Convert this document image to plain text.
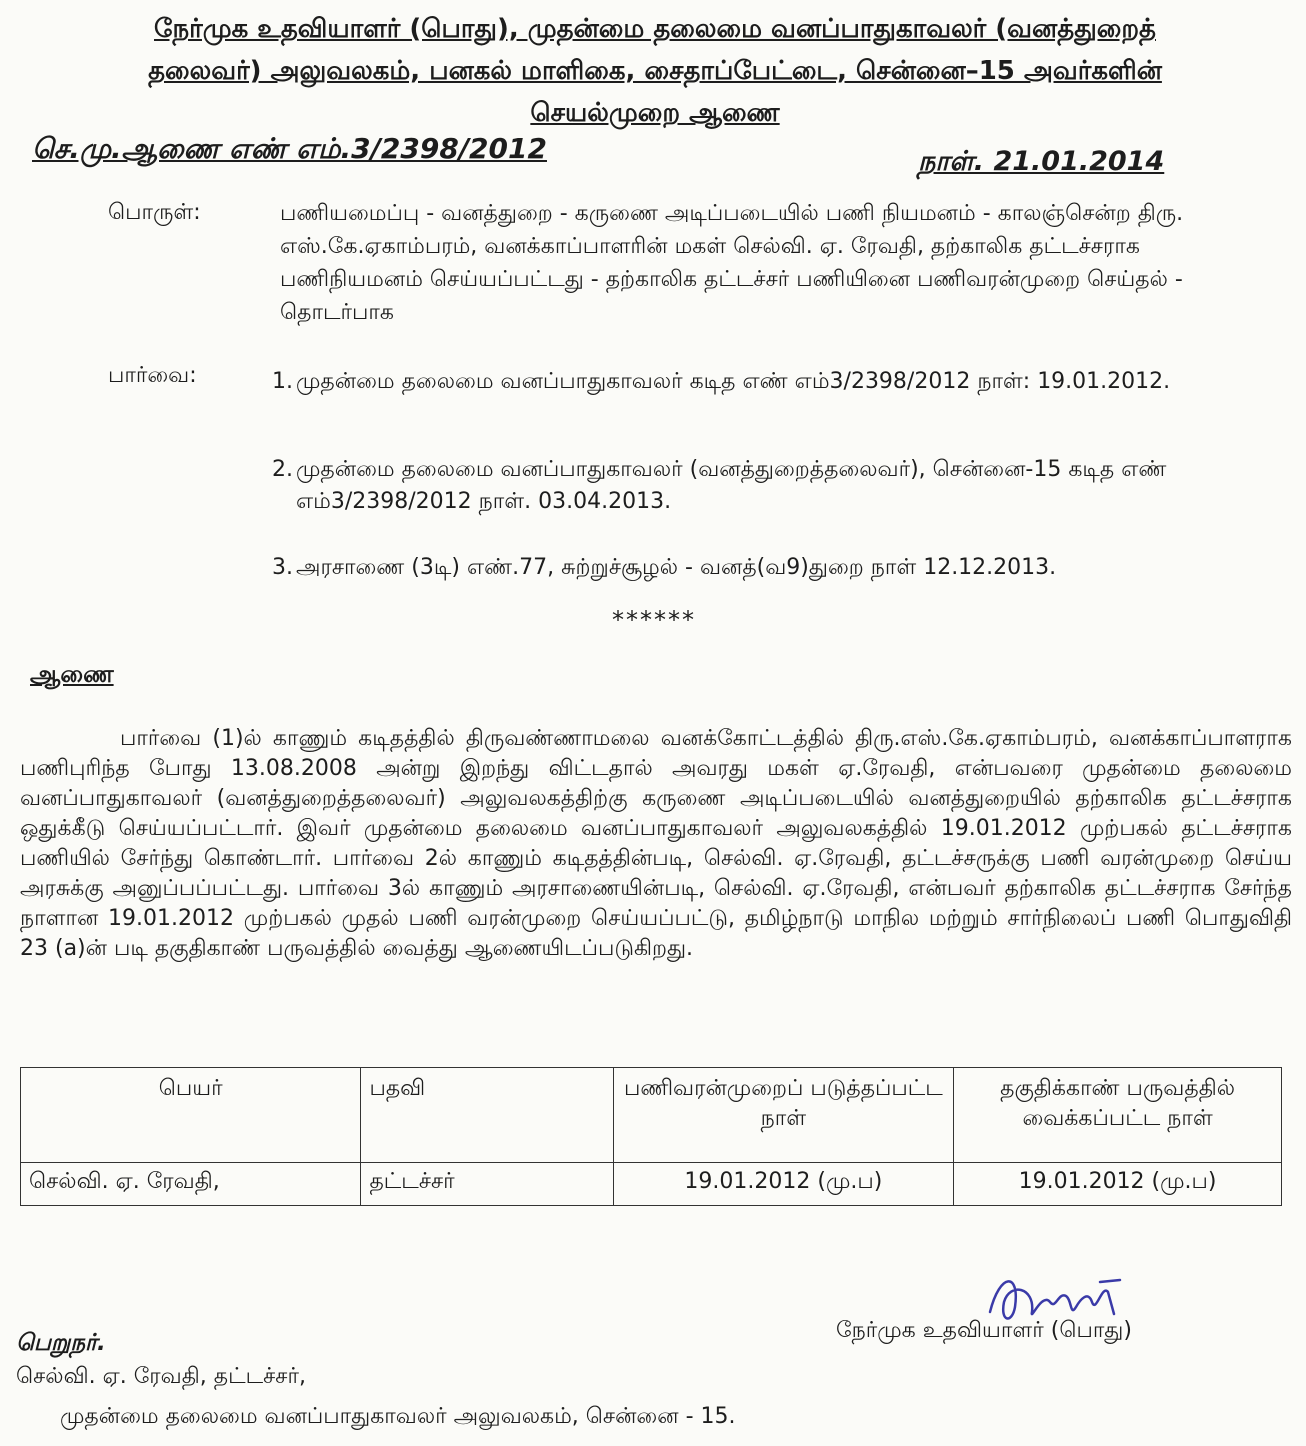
நேர்முக உதவியாளர் (பொது), முதன்மை தலைமை வனப்பாதுகாவலர் (வனத்துறைத்
தலைவர்) அலுவலகம், பனகல் மாளிகை, சைதாப்பேட்டை, சென்னை–15 அவர்களின்
செயல்முறை ஆணை
செ.மு.ஆணை எண் எம்.3/2398/2012	நாள். 21.01.2014
பொருள்:	பணியமைப்பு - வனத்துறை - கருணை அடிப்படையில் பணி நியமனம் - காலஞ்சென்ற திரு. எஸ்.கே.ஏகாம்பரம், வனக்காப்பாளரின் மகள் செல்வி. ஏ. ரேவதி, தற்காலிக தட்டச்சராக பணிநியமனம் செய்யப்பட்டது - தற்காலிக தட்டச்சர் பணியினை பணிவரன்முறை செய்தல் - தொடர்பாக
பார்வை:	1. முதன்மை தலைமை வனப்பாதுகாவலர் கடித எண் எம்3/2398/2012 நாள்: 19.01.2012.
2. முதன்மை தலைமை வனப்பாதுகாவலர் (வனத்துறைத்தலைவர்), சென்னை-15 கடித எண் எம்3/2398/2012 நாள். 03.04.2013.
3. அரசாணை (3டி) எண்.77, சுற்றுச்சூழல் - வனத்(வ9)துறை நாள் 12.12.2013.
******
ஆணை

பார்வை (1)ல் காணும் கடிதத்தில் திருவண்ணாமலை வனக்கோட்டத்தில் திரு.எஸ்.கே.ஏகாம்பரம், வனக்காப்பாளராக பணிபுரிந்த போது 13.08.2008 அன்று இறந்து விட்டதால் அவரது மகள் ஏ.ரேவதி, என்பவரை முதன்மை தலைமை வனப்பாதுகாவலர் (வனத்துறைத்தலைவர்) அலுவலகத்திற்கு கருணை அடிப்படையில் வனத்துறையில் தற்காலிக தட்டச்சராக ஒதுக்கீடு செய்யப்பட்டார். இவர் முதன்மை தலைமை வனப்பாதுகாவலர் அலுவலகத்தில் 19.01.2012 முற்பகல் தட்டச்சராக பணியில் சேர்ந்து கொண்டார். பார்வை 2ல் காணும் கடிதத்தின்படி, செல்வி. ஏ.ரேவதி, தட்டச்சருக்கு பணி வரன்முறை செய்ய அரசுக்கு அனுப்பப்பட்டது. பார்வை 3ல் காணும் அரசாணையின்படி, செல்வி. ஏ.ரேவதி, என்பவர் தற்காலிக தட்டச்சராக சேர்ந்த நாளான 19.01.2012 முற்பகல் முதல் பணி வரன்முறை செய்யப்பட்டு, தமிழ்நாடு மாநில மற்றும் சார்நிலைப் பணி பொதுவிதி 23 (a)ன் படி தகுதிகாண் பருவத்தில் வைத்து ஆணையிடப்படுகிறது.

பெயர்	பதவி	பணிவரன்முறைப் படுத்தப்பட்ட நாள்	தகுதிக்காண் பருவத்தில் வைக்கப்பட்ட நாள்
செல்வி. ஏ. ரேவதி,	தட்டச்சர்	19.01.2012 (மு.ப)	19.01.2012 (மு.ப)
நேர்முக உதவியாளர் (பொது)
பெறுநர்.
செல்வி. ஏ. ரேவதி, தட்டச்சர்,
முதன்மை தலைமை வனப்பாதுகாவலர் அலுவலகம், சென்னை - 15.
